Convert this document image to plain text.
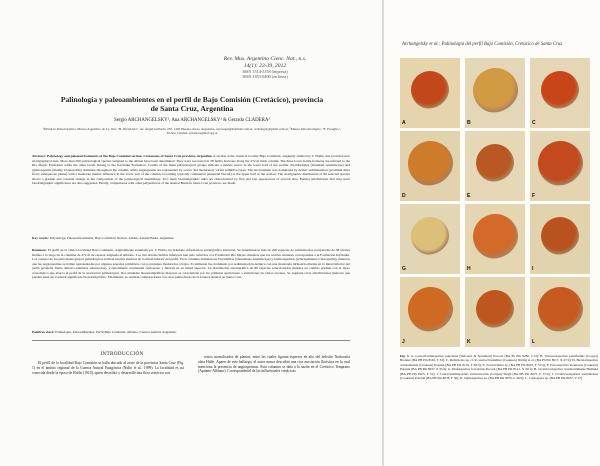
Rev. Mus. Argentino Cienc. Nat., n.s.
14(1): 23-39, 2012
ISSN 1514-5158 (impresa)
ISSN 1853-0400 (en línea)
Palinología y paleoambientes en el perfil de Bajo Comisión (Cretácico), provincia de Santa Cruz, Argentina
Sergio ARCHANGELSKY¹, Ana ARCHANGELSKY¹ & Gerardo CLADERA²
¹División Paleobotánica, Museo Argentino de Cs. Nat. "B. Rivadavia". Av. Ángel Gallardo 470, 1405 Buenos Aires, Argentina. sarcangel@hotmail.com.ar, archangel@gmail.com.ar. ²Museo Paleontológico "E. Feruglio", Trelew, Chubut. gcladera@mef.org.ar

Abstract: Palynology and paleoenvironments of the Bajo Comisión section, Cretaceous of Santa Cruz province, Argentina. A section at the classical locality Bajo Comisión, originally studied by T. Hollis, has provided new stratigraphical data. More than 200 palynological species assigned to the Albian have been determined. They were recovered in 38 fertile horizons along the 272 m thick column. The three lower fertile horizons are referred to the Río Mayer Formation while the other levels belong to the Kachaike Formation. Counts of the main palynological groups indicate a marine sector in the lower half of the profile. Pteridophytes (abundant Anemiaceae) and gymnosperms (mainly Classopollis) dominate throughout the column, while angiosperms are represented by scarce and moderately varied primitive types. The environment was dominated by deltaic sedimentation (proximal delta front; subaqueous plains) with a moderate marine influence in the lower part of the column, becoming typically continental (subaerial fluvial) at the upper half of the section. The stratigraphic distribution of 86 selected species shows a gradual and constant change in the composition of the palynological assemblage. Two main biostratigraphic units are characterized by first and last appearances of several taxa. Further subdivisions that may have biostratigraphic significance are also suggested. Finally, comparisons with other palynofloras of the Austral Basin in Santa Cruz province, are made.

Key words: Palynology, Paleoenvironments, Bajo Comisión Section, Albian, Austral Basin, Argentina.

Resumen: El perfil de la clásica localidad Bajo Comisión, originalmente estudiada por T. Hollis, ha brindado informacion estratigráfica adicional. Se determinaron más de 200 especies de palinomorfos recuperadas de 38 niveles fértiles a lo largo de la columna de 272 m de espesor asignada al Albiano. Los tres niveles fértiles inferiores han sido referidos a la Formación Río Mayer, mientras que los niveles restantes corresponden a la Formación Kachaike. Los conteos de los principales grupos palinológicos indican niveles marinos en la mitad inferior del perfil. En la columna dominan las Pteridófitas (abundantes Anemiaceae) y Gimnospermas (principalmente Classopollis), mientras que las angiospermas se hallan representadas por algunos especies primitivos con porcentajes moderados a bajos. El ambiente fue dominado por sedimentación deltaica con una moderada influencia marina en la mitad inferior del perfil (prodelta frente deltaico-planicies subacuosas), y típicamente continental (sub-aereo y fluvial) en su mitad superior. La distribución estratigráfica de 86 especies seleccionadas muestra un cambio gradual con el lapso cronológico que abarca el perfil de la asociación palinológica. Dos unidades bioestratigráficas mayores se caracterizan por las primeras apariciones o extinciones de varios taxones. Se sugieren otras subdivisiones menores que pueden tener un eventual significado bioestratigráfico. Finalmente, se realizan comparaciones con otras palinofloras de la Cuenca Austral en Santa Cruz.

Palabras clave: Palinología, Paleoambientes, Perfil Bajo Comisión, Albiano, Cuenca Austral, Argentina.

INTRODUCCIÓN

El perfil de la localidad Bajo Comisión se halla ubicado al oeste de la provincia Santa Cruz (Fig. 1) en el ámbito regional de la Cuenca Austral Patagónica (Nullo et al., 1999). La localidad es así conocida desde la época de Hollis (1910), quien describió y desarrolló una flora cretácica con

restos momificados de plantas, entre las cuales figuran especies en alto del helecho Nathorstia alata Halle. Aparte de este hallazgo, el autor nunca describió una rica asociación florística en la cual menciona la presencia de angiospermas. Esta columna se data a la sazón en el Cretácico Temprano (Aptiano-Albiano). Corresponderíal de las influenciales cretácicas

Archangelsky et al.: Palinología del perfil Bajo Comisión, Cretácico de Santa Cruz
A	B	C
D	E	F
G	H	I
J	K	L

Fig. 3. A. Concavissimisporites punctatus (Delcourt & Sprumont) Pocock (BA Pb Pm 8286, C14); B. Verrucosisporites peiniformis (Cooper) Brenner (BA PB Pm 8102, T 32); C. Retitriletes sp. cf. R. austroclavatidites (Cookson) Döring et al. (BA Pb Pm 8017, X 47/4); D. Baculatisporites comaumensis (Cookson) Potonié (BA PB Pm 8119, T 40/3); E. Foveotriletes sp. (BA PB Pm 8043, F 31/4); F. Foveosporites lacunosus (Cookson) Potonié (BA PB Pm 8037, P 35/4); G. Klukisporites foveolatus Pocock (BA PB Pm 8121, X 30/1); H. Cicatricosisporites crassiterminatus Hedlund (BA PB Pm 8105, F 31); I. Concavissimisporites variverrucatus (Couper) Singh (BA PB Pm 8075, E 37/4); J. Cicatricosisporites australiensis (Cookson) Potonié (BA PB Pm 8078, F 36); K. Sigmasporites sp. (BA PB Pm 8076, L 46/2); L. Coptospora sp. (BA PB Pm 8037, V 47)
